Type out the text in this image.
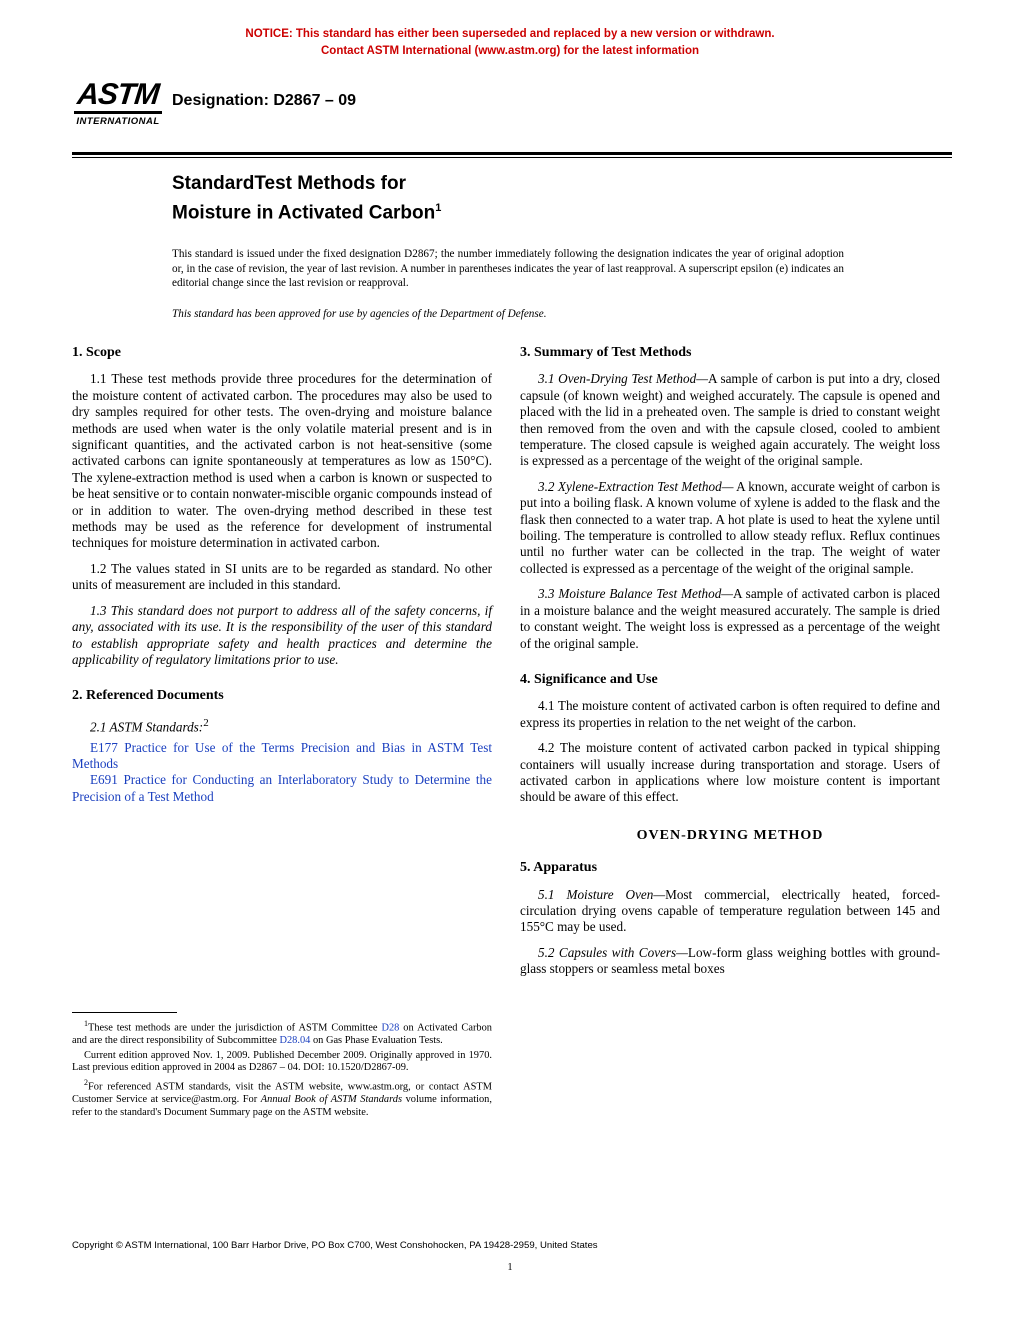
NOTICE: This standard has either been superseded and replaced by a new version or withdrawn.
Contact ASTM International (www.astm.org) for the latest information
ASTM
INTERNATIONAL
Designation: D2867 – 09
StandardTest Methods for
Moisture in Activated Carbon$^1$
This standard is issued under the fixed designation D2867; the number immediately following the designation indicates the year of original adoption or, in the case of revision, the year of last revision. A number in parentheses indicates the year of last reapproval. A superscript epsilon (e) indicates an editorial change since the last revision or reapproval.
This standard has been approved for use by agencies of the Department of Defense.
1. Scope

1.1 These test methods provide three procedures for the determination of the moisture content of activated carbon. The procedures may also be used to dry samples required for other tests. The oven-drying and moisture balance methods are used when water is the only volatile material present and is in significant quantities, and the activated carbon is not heat-sensitive (some activated carbons can ignite spontaneously at temperatures as low as 150°C). The xylene-extraction method is used when a carbon is known or suspected to be heat sensitive or to contain nonwater-miscible organic compounds instead of or in addition to water. The oven-drying method described in these test methods may be used as the reference for development of instrumental techniques for moisture determination in activated carbon.

1.2 The values stated in SI units are to be regarded as standard. No other units of measurement are included in this standard.

1.3 This standard does not purport to address all of the safety concerns, if any, associated with its use. It is the responsibility of the user of this standard to establish appropriate safety and health practices and determine the applicability of regulatory limitations prior to use.

2. Referenced Documents

2.1 ASTM Standards:$^2$

E177 Practice for Use of the Terms Precision and Bias in ASTM Test Methods
E691 Practice for Conducting an Interlaboratory Study to Determine the Precision of a Test Method
3. Summary of Test Methods

3.1 Oven-Drying Test Method—A sample of carbon is put into a dry, closed capsule (of known weight) and weighed accurately. The capsule is opened and placed with the lid in a preheated oven. The sample is dried to constant weight then removed from the oven and with the capsule closed, cooled to ambient temperature. The closed capsule is weighed again accurately. The weight loss is expressed as a percentage of the weight of the original sample.

3.2 Xylene-Extraction Test Method— A known, accurate weight of carbon is put into a boiling flask. A known volume of xylene is added to the flask and the flask then connected to a water trap. A hot plate is used to heat the xylene until boiling. The temperature is controlled to allow steady reflux. Reflux continues until no further water can be collected in the trap. The weight of water collected is expressed as a percentage of the weight of the original sample.

3.3 Moisture Balance Test Method—A sample of activated carbon is placed in a moisture balance and the weight measured accurately. The sample is dried to constant weight. The weight loss is expressed as a percentage of the weight of the original sample.

4. Significance and Use

4.1 The moisture content of activated carbon is often required to define and express its properties in relation to the net weight of the carbon.

4.2 The moisture content of activated carbon packed in typical shipping containers will usually increase during transportation and storage. Users of activated carbon in applications where low moisture content is important should be aware of this effect.

OVEN-DRYING METHOD
5. Apparatus

5.1 Moisture Oven—Most commercial, electrically heated, forced-circulation drying ovens capable of temperature regulation between 145 and 155°C may be used.

5.2 Capsules with Covers—Low-form glass weighing bottles with ground-glass stoppers or seamless metal boxes

$^1$These test methods are under the jurisdiction of ASTM Committee D28 on Activated Carbon and are the direct responsibility of Subcommittee D28.04 on Gas Phase Evaluation Tests.

Current edition approved Nov. 1, 2009. Published December 2009. Originally approved in 1970. Last previous edition approved in 2004 as D2867 – 04. DOI: 10.1520/D2867-09.

$^2$For referenced ASTM standards, visit the ASTM website, www.astm.org, or contact ASTM Customer Service at service@astm.org. For Annual Book of ASTM Standards volume information, refer to the standard's Document Summary page on the ASTM website.

Copyright © ASTM International, 100 Barr Harbor Drive, PO Box C700, West Conshohocken, PA 19428-2959, United States
1
